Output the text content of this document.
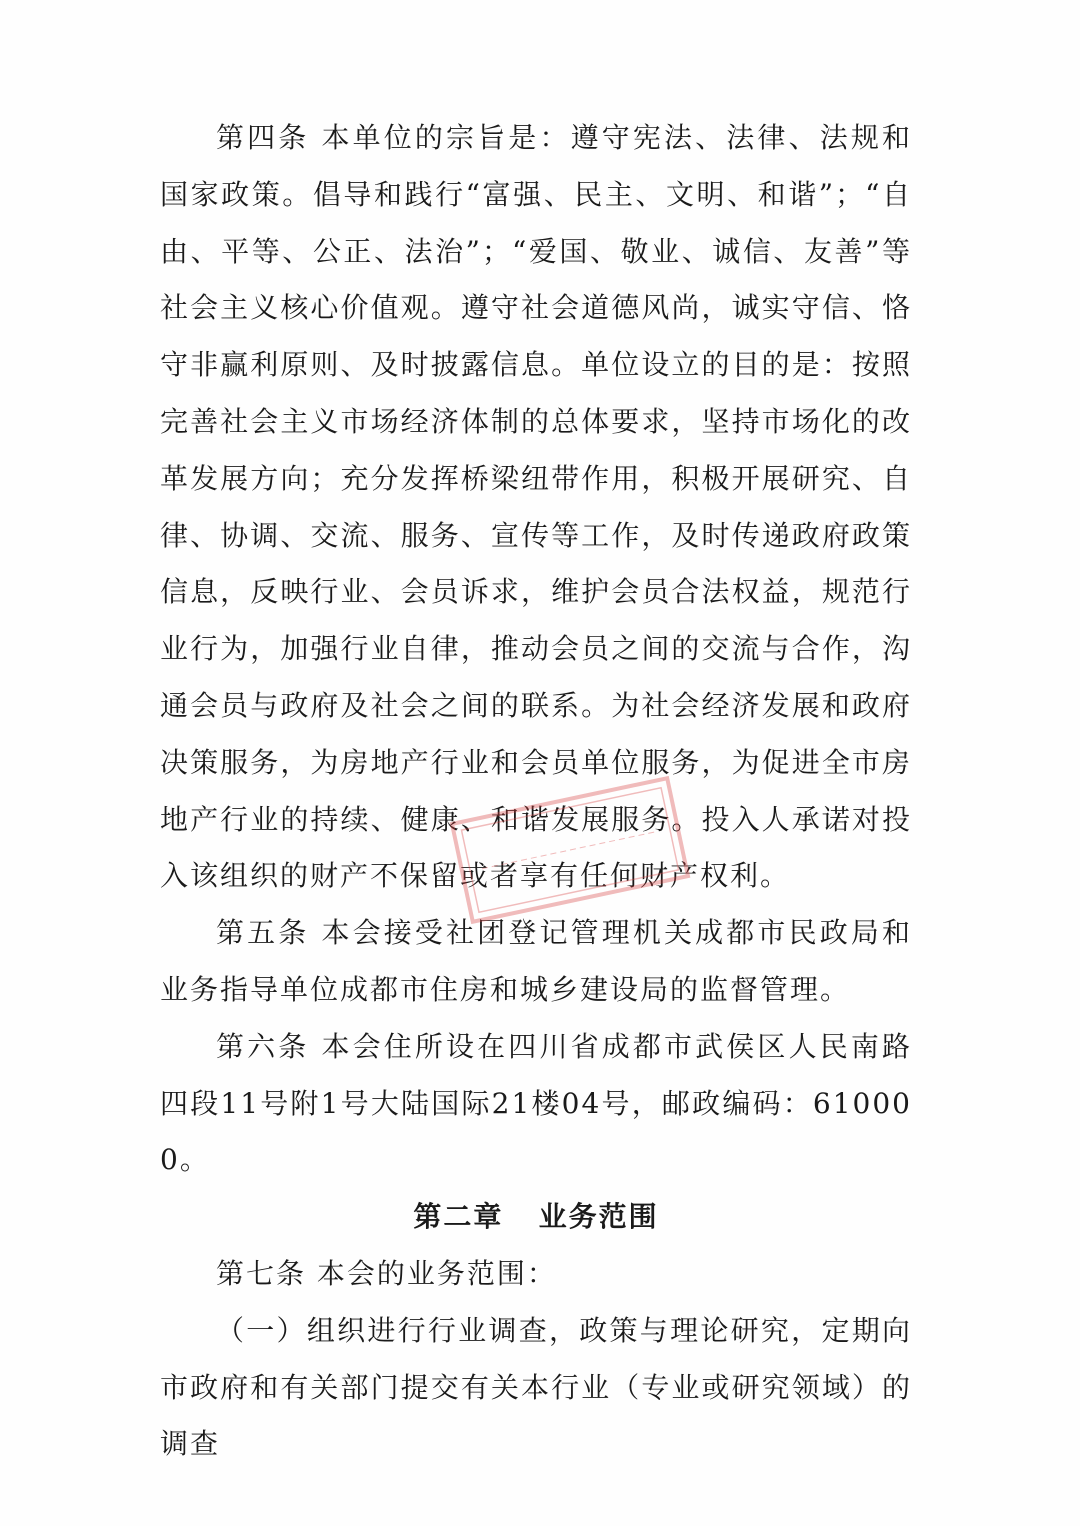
第四条 本单位的宗旨是：遵守宪法、法律、法规和国家政策。倡导和践行“富强、民主、文明、和谐”；“自由、平等、公正、法治”；“爱国、敬业、诚信、友善”等社会主义核心价值观。遵守社会道德风尚，诚实守信、恪守非赢利原则、及时披露信息。单位设立的目的是：按照完善社会主义市场经济体制的总体要求，坚持市场化的改革发展方向；充分发挥桥梁纽带作用，积极开展研究、自律、协调、交流、服务、宣传等工作，及时传递政府政策信息，反映行业、会员诉求，维护会员合法权益，规范行业行为，加强行业自律，推动会员之间的交流与合作，沟通会员与政府及社会之间的联系。为社会经济发展和政府决策服务，为房地产行业和会员单位服务，为促进全市房地产行业的持续、健康、和谐发展服务。投入人承诺对投入该组织的财产不保留或者享有任何财产权利。

第五条 本会接受社团登记管理机关成都市民政局和业务指导单位成都市住房和城乡建设局的监督管理。

第六条 本会住所设在四川省成都市武侯区人民南路四段11号附1号大陆国际21楼04号，邮政编码：610000。

第二章   业务范围

第七条 本会的业务范围：

（一）组织进行行业调查，政策与理论研究，定期向市政府和有关部门提交有关本行业（专业或研究领域）的调查
